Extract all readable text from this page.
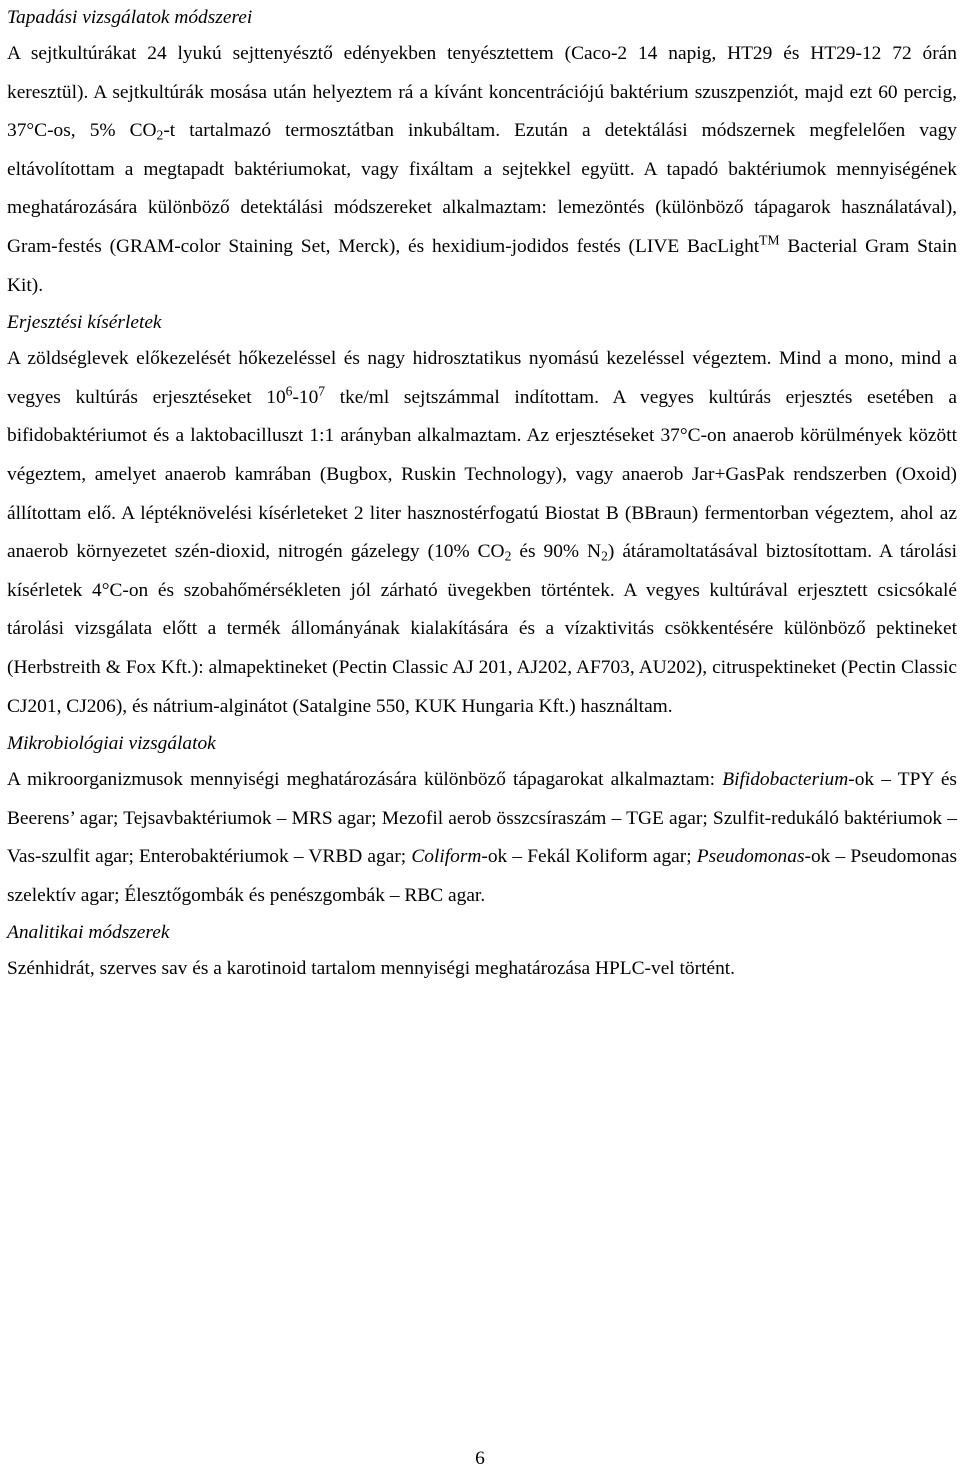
Tapadási vizsgálatok módszerei

A sejtkultúrákat 24 lyukú sejttenyésztő edényekben tenyésztettem (Caco-2 14 napig, HT29 és HT29-12 72 órán keresztül). A sejtkultúrák mosása után helyeztem rá a kívánt koncentrációjú baktérium szuszpenziót, majd ezt 60 percig, 37°C-os, 5% $CO_2-t$ tartalmazó termosztátban inkubáltam. Ezután a detektálási módszernek megfelelően vagy eltávolítottam a megtapadt baktériumokat, vagy fixáltam a sejtekkel együtt. A tapadó baktériumok mennyiségének meghatározására különböző detektálási módszereket alkalmaztam: lemezöntés (különböző tápagarok használatával), Gram-festés (GRAM-color Staining Set, Merck), és hexidium-jodidos festés (LIVE BacLight™ Bacterial Gram Stain Kit).

Erjesztési kísérletek

A zöldséglevek előkezelését hőkezeléssel és nagy hidrosztatikus nyomású kezeléssel végeztem. Mind a mono, mind a vegyes kultúrás erjesztéseket $10^6-10^7$ tke/ml sejtszámmal indítottam. A vegyes kultúrás erjesztés esetében a bifidobaktériumot és a laktobacilluszt 1:1 arányban alkalmaztam. Az erjesztéseket 37°C-on anaerob körülmények között végeztem, amelyet anaerob kamrában (Bugbox, Ruskin Technology), vagy anaerob Jar+GasPak rendszerben (Oxoid) állítottam elő. A léptéknövelési kísérleteket 2 liter hasznostérfogatú Biostat B (BBraun) fermentorban végeztem, ahol az anaerob környezetet szén-dioxid, nitrogén gázelegy (10% $CO_2$ és 90% $N_2$) átáramoltatásával biztosítottam. A tárolási kísérletek 4°C-on és szobahőmérsékleten jól zárható üvegekben történtek. A vegyes kultúrával erjesztett csicsókalé tárolási vizsgálata előtt a termék állományának kialakítására és a vízaktivitás csökkentésére különböző pektineket (Herbstreith & Fox Kft.): almapektineket (Pectin Classic AJ 201, AJ202, AF703, AU202), citruspektineket (Pectin Classic CJ201, CJ206), és nátrium-alginátot (Satalgine 550, KUK Hungaria Kft.) használtam.

Mikrobiológiai vizsgálatok

A mikroorganizmusok mennyiségi meghatározására különböző tápagarokat alkalmaztam: Bifidobacterium-ok – TPY és Beerens’ agar; Tejsavbaktériumok – MRS agar; Mezofil aerob összcsíraszám – TGE agar; Szulfit-redukáló baktériumok – Vas-szulfit agar; Enterobaktériumok – VRBD agar; Coliform-ok – Fekál Koliform agar; Pseudomonas-ok – Pseudomonas szelektív agar; Élesztőgombák és penészgombák – RBC agar.

Analitikai módszerek

Szénhidrát, szerves sav és a karotinoid tartalom mennyiségi meghatározása HPLC-vel történt.

6
